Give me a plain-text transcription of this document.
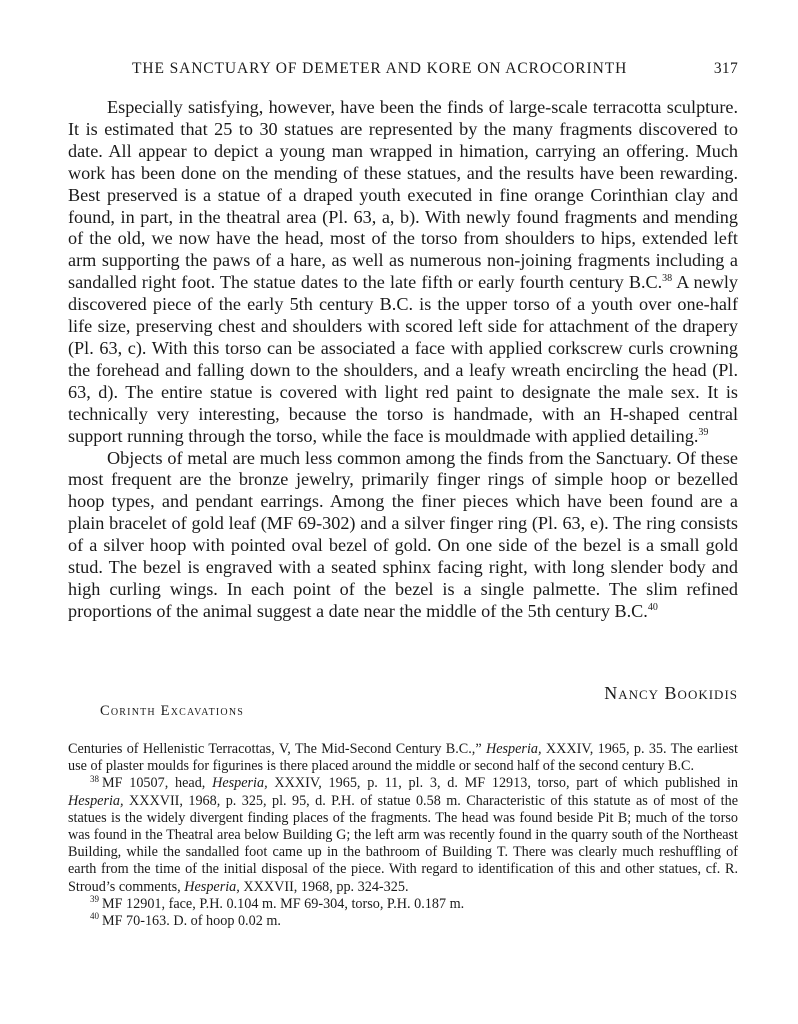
THE SANCTUARY OF DEMETER AND KORE ON ACROCORINTH	317

Especially satisfying, however, have been the finds of large-scale terracotta sculpture. It is estimated that 25 to 30 statues are represented by the many fragments discovered to date. All appear to depict a young man wrapped in himation, carrying an offering. Much work has been done on the mending of these statues, and the results have been rewarding. Best preserved is a statue of a draped youth executed in fine orange Corinthian clay and found, in part, in the theatral area (Pl. 63, a, b). With newly found fragments and mending of the old, we now have the head, most of the torso from shoulders to hips, extended left arm supporting the paws of a hare, as well as numerous non-joining fragments including a sandalled right foot. The statue dates to the late fifth or early fourth century B.C.$^{38}$ A newly discovered piece of the early 5th century B.C. is the upper torso of a youth over one-half life size, preserving chest and shoulders with scored left side for attachment of the drapery (Pl. 63, c). With this torso can be associated a face with applied corkscrew curls crowning the forehead and falling down to the shoulders, and a leafy wreath encircling the head (Pl. 63, d). The entire statue is covered with light red paint to designate the male sex. It is technically very interesting, because the torso is handmade, with an H-shaped central support running through the torso, while the face is mouldmade with applied detailing.$^{39}$

Objects of metal are much less common among the finds from the Sanctuary. Of these most frequent are the bronze jewelry, primarily finger rings of simple hoop or bezelled hoop types, and pendant earrings. Among the finer pieces which have been found are a plain bracelet of gold leaf (MF 69-302) and a silver finger ring (Pl. 63, e). The ring consists of a silver hoop with pointed oval bezel of gold. On one side of the bezel is a small gold stud. The bezel is engraved with a seated sphinx facing right, with long slender body and high curling wings. In each point of the bezel is a single palmette. The slim refined proportions of the animal suggest a date near the middle of the 5th century B.C.$^{40}$

Nancy Bookidis
Corinth Excavations

Centuries of Hellenistic Terracottas, V, The Mid-Second Century B.C.,” Hesperia, XXXIV, 1965, p. 35. The earliest use of plaster moulds for figurines is there placed around the middle or second half of the second century B.C.

$^{38}$ MF 10507, head, Hesperia, XXXIV, 1965, p. 11, pl. 3, d. MF 12913, torso, part of which published in Hesperia, XXXVII, 1968, p. 325, pl. 95, d. P.H. of statue 0.58 m. Characteristic of this statute as of most of the statues is the widely divergent finding places of the fragments. The head was found beside Pit B; much of the torso was found in the Theatral area below Building G; the left arm was recently found in the quarry south of the Northeast Building, while the sandalled foot came up in the bathroom of Building T. There was clearly much reshuffling of earth from the time of the initial disposal of the piece. With regard to identification of this and other statues, cf. R. Stroud’s comments, Hesperia, XXXVII, 1968, pp. 324-325.

$^{39}$ MF 12901, face, P.H. 0.104 m. MF 69-304, torso, P.H. 0.187 m.

$^{40}$ MF 70-163. D. of hoop 0.02 m.
